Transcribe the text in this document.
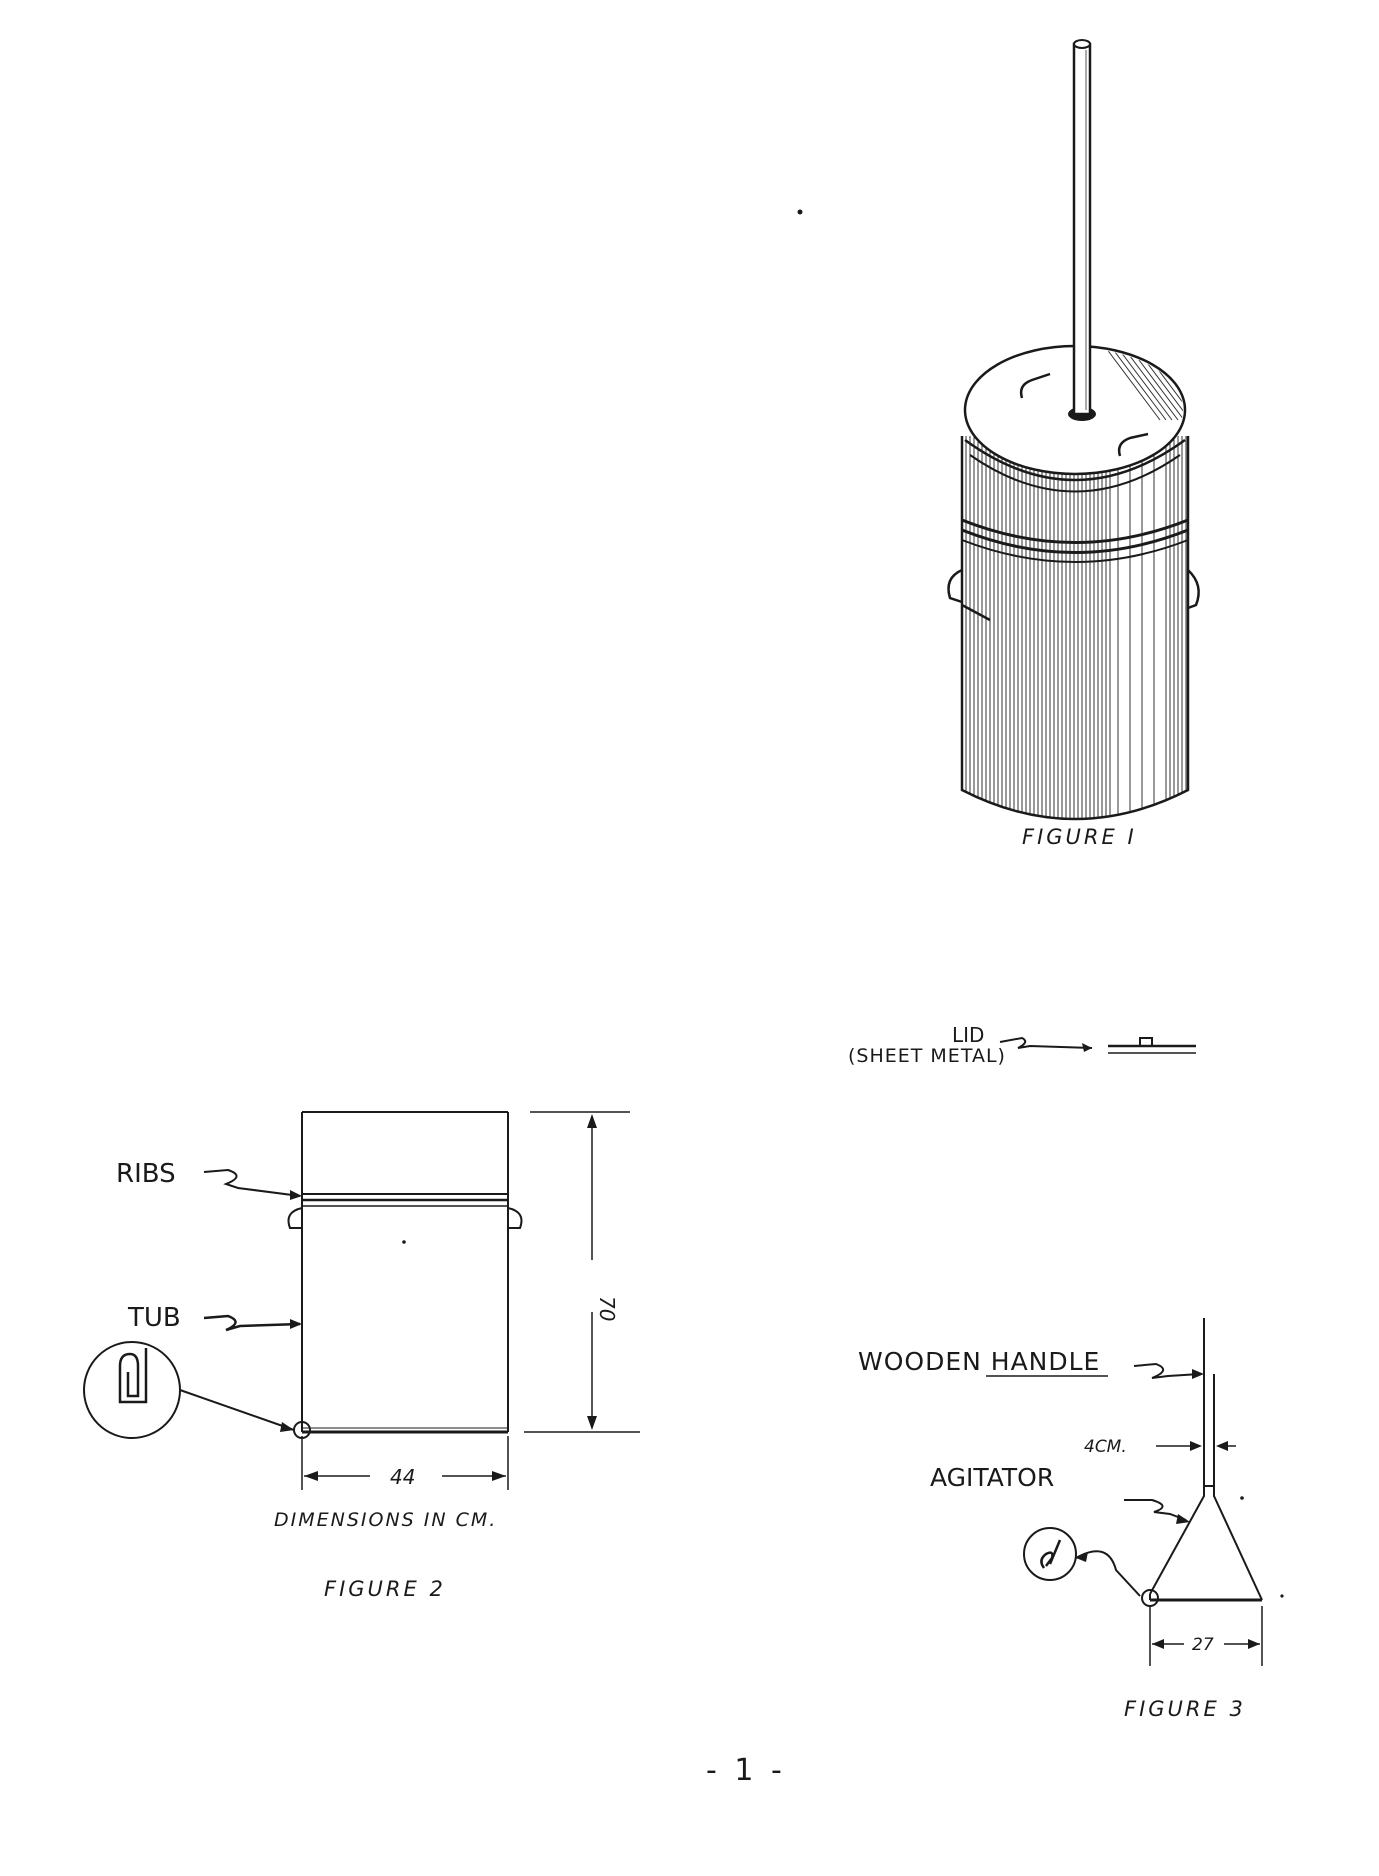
FIGURE I
LID
(SHEET METAL)
RIBS
TUB	70
44
DIMENSIONS IN CM.
FIGURE 2
WOODEN HANDLE
4CM.
AGITATOR
27
FIGURE 3
- 1 -
